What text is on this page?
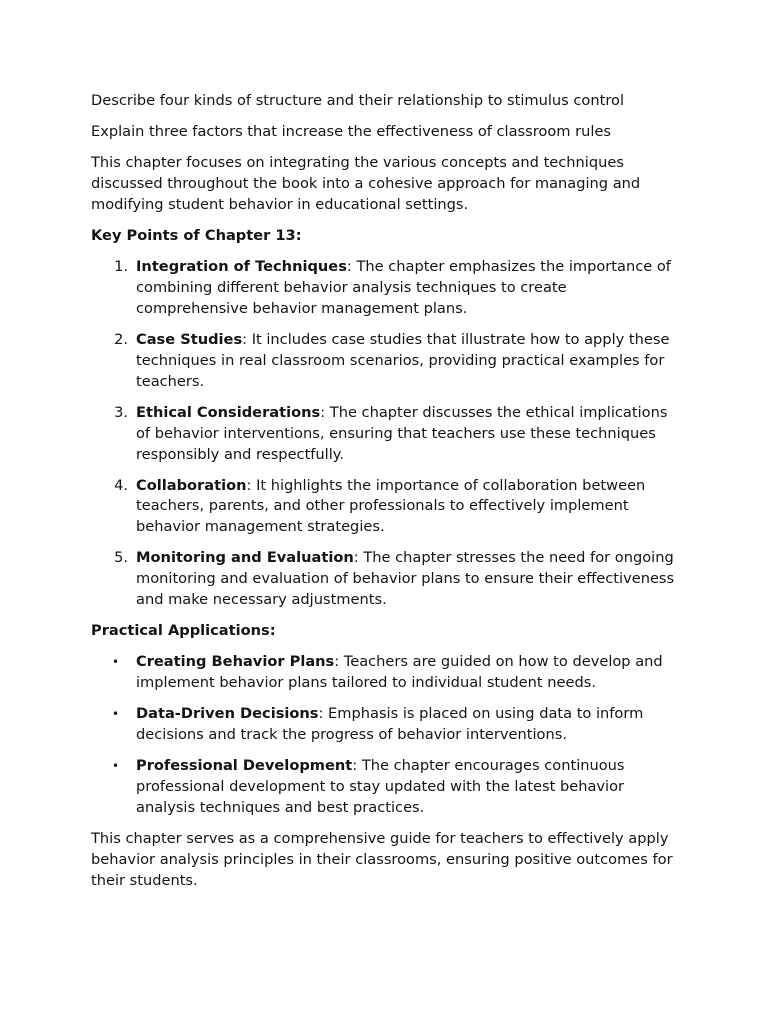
Describe four kinds of structure and their relationship to stimulus control

Explain three factors that increase the effectiveness of classroom rules

This chapter focuses on integrating the various concepts and techniques discussed throughout the book into a cohesive approach for managing and modifying student behavior in educational settings.

Key Points of Chapter 13:

1. Integration of Techniques: The chapter emphasizes the importance of combining different behavior analysis techniques to create comprehensive behavior management plans.
2. Case Studies: It includes case studies that illustrate how to apply these techniques in real classroom scenarios, providing practical examples for teachers.
3. Ethical Considerations: The chapter discusses the ethical implications of behavior interventions, ensuring that teachers use these techniques responsibly and respectfully.
4. Collaboration: It highlights the importance of collaboration between teachers, parents, and other professionals to effectively implement behavior management strategies.
5. Monitoring and Evaluation: The chapter stresses the need for ongoing monitoring and evaluation of behavior plans to ensure their effectiveness and make necessary adjustments.

Practical Applications:

• Creating Behavior Plans: Teachers are guided on how to develop and implement behavior plans tailored to individual student needs.
• Data-Driven Decisions: Emphasis is placed on using data to inform decisions and track the progress of behavior interventions.
• Professional Development: The chapter encourages continuous professional development to stay updated with the latest behavior analysis techniques and best practices.

This chapter serves as a comprehensive guide for teachers to effectively apply behavior analysis principles in their classrooms, ensuring positive outcomes for their students.
